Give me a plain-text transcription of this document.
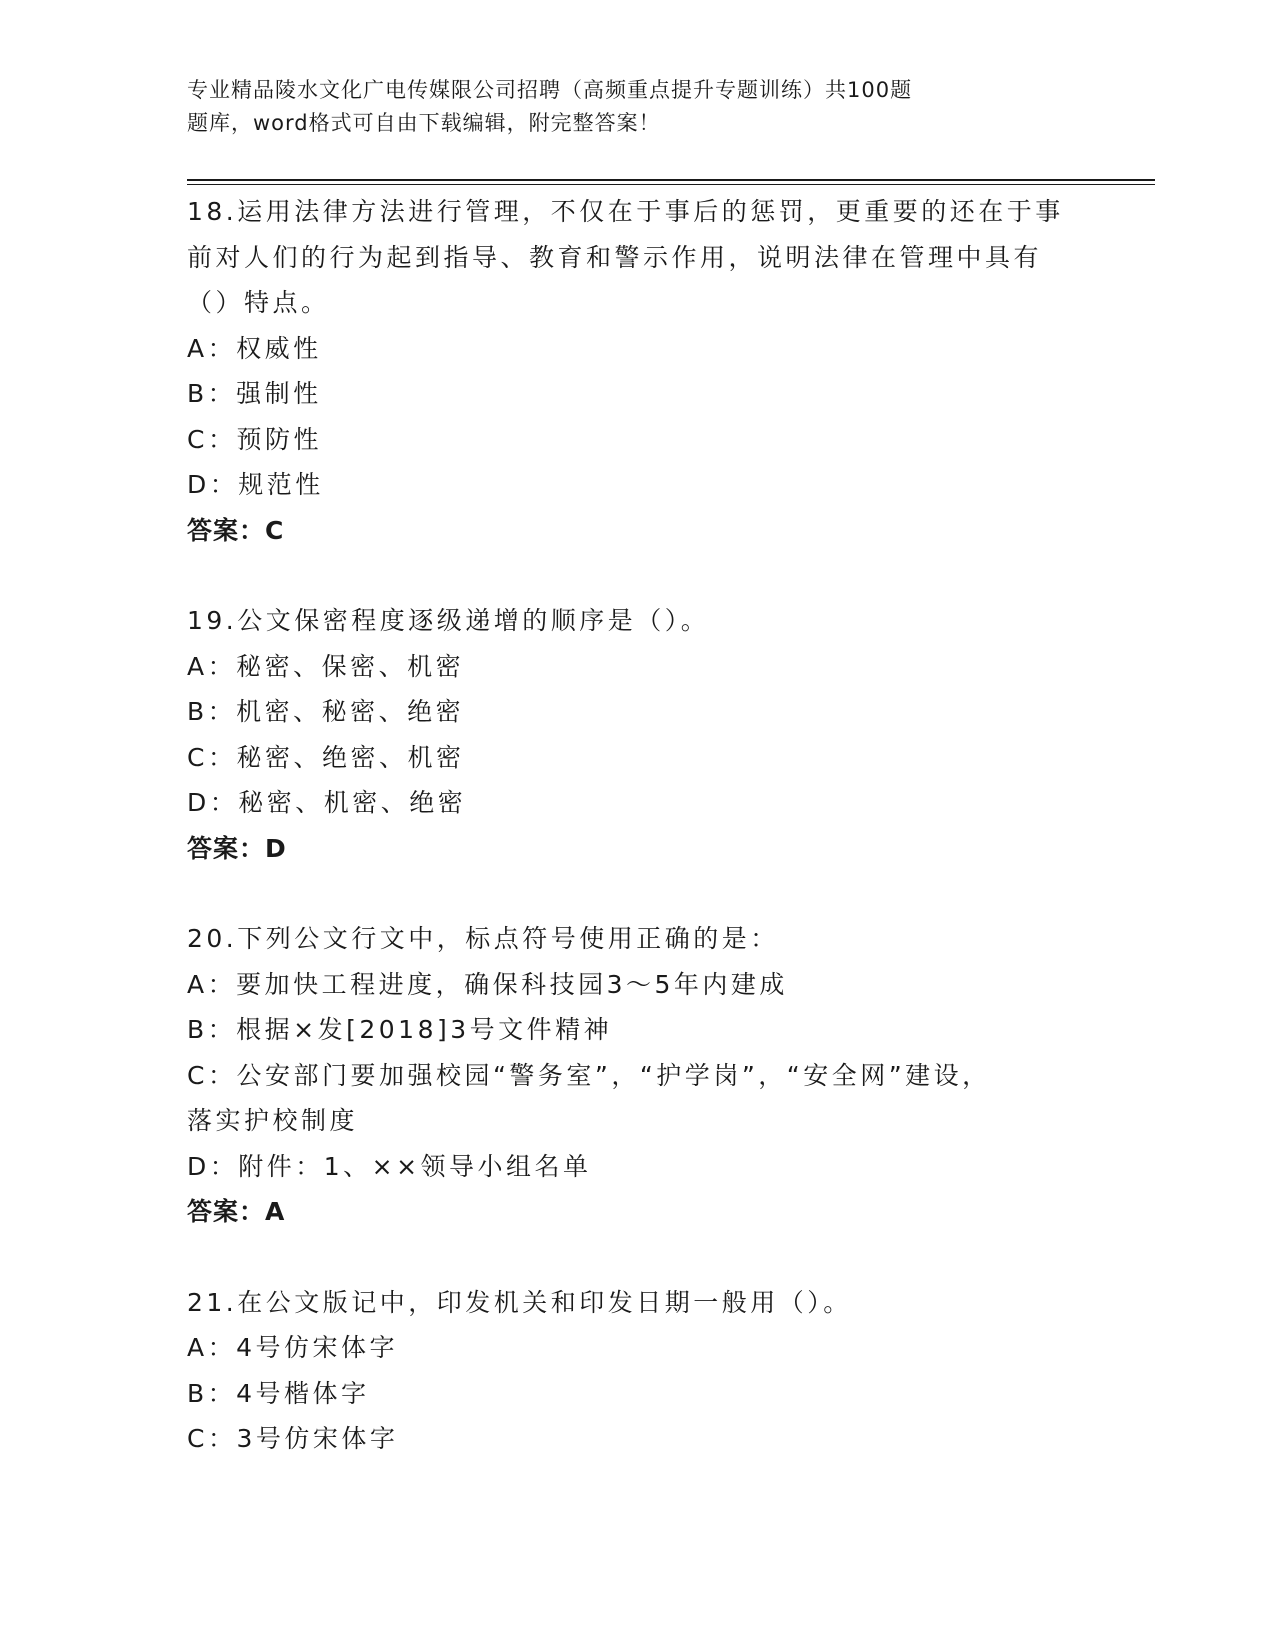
专业精品陵水文化广电传媒限公司招聘（高频重点提升专题训练）共100题
题库，word格式可自由下载编辑，附完整答案！
18.运用法律方法进行管理，不仅在于事后的惩罚，更重要的还在于事
前对人们的行为起到指导、教育和警示作用，说明法律在管理中具有
（）特点。
A：权威性
B：强制性
C：预防性
D：规范性
答案：C
19.公文保密程度逐级递增的顺序是（）。
A：秘密、保密、机密
B：机密、秘密、绝密
C：秘密、绝密、机密
D：秘密、机密、绝密
答案：D
20.下列公文行文中，标点符号使用正确的是：
A：要加快工程进度，确保科技园3～5年内建成
B：根据×发[2018]3号文件精神
C：公安部门要加强校园“警务室”，“护学岗”，“安全网”建设，
落实护校制度
D：附件：1、××领导小组名单
答案：A
21.在公文版记中，印发机关和印发日期一般用（）。
A：4号仿宋体字
B：4号楷体字
C：3号仿宋体字
